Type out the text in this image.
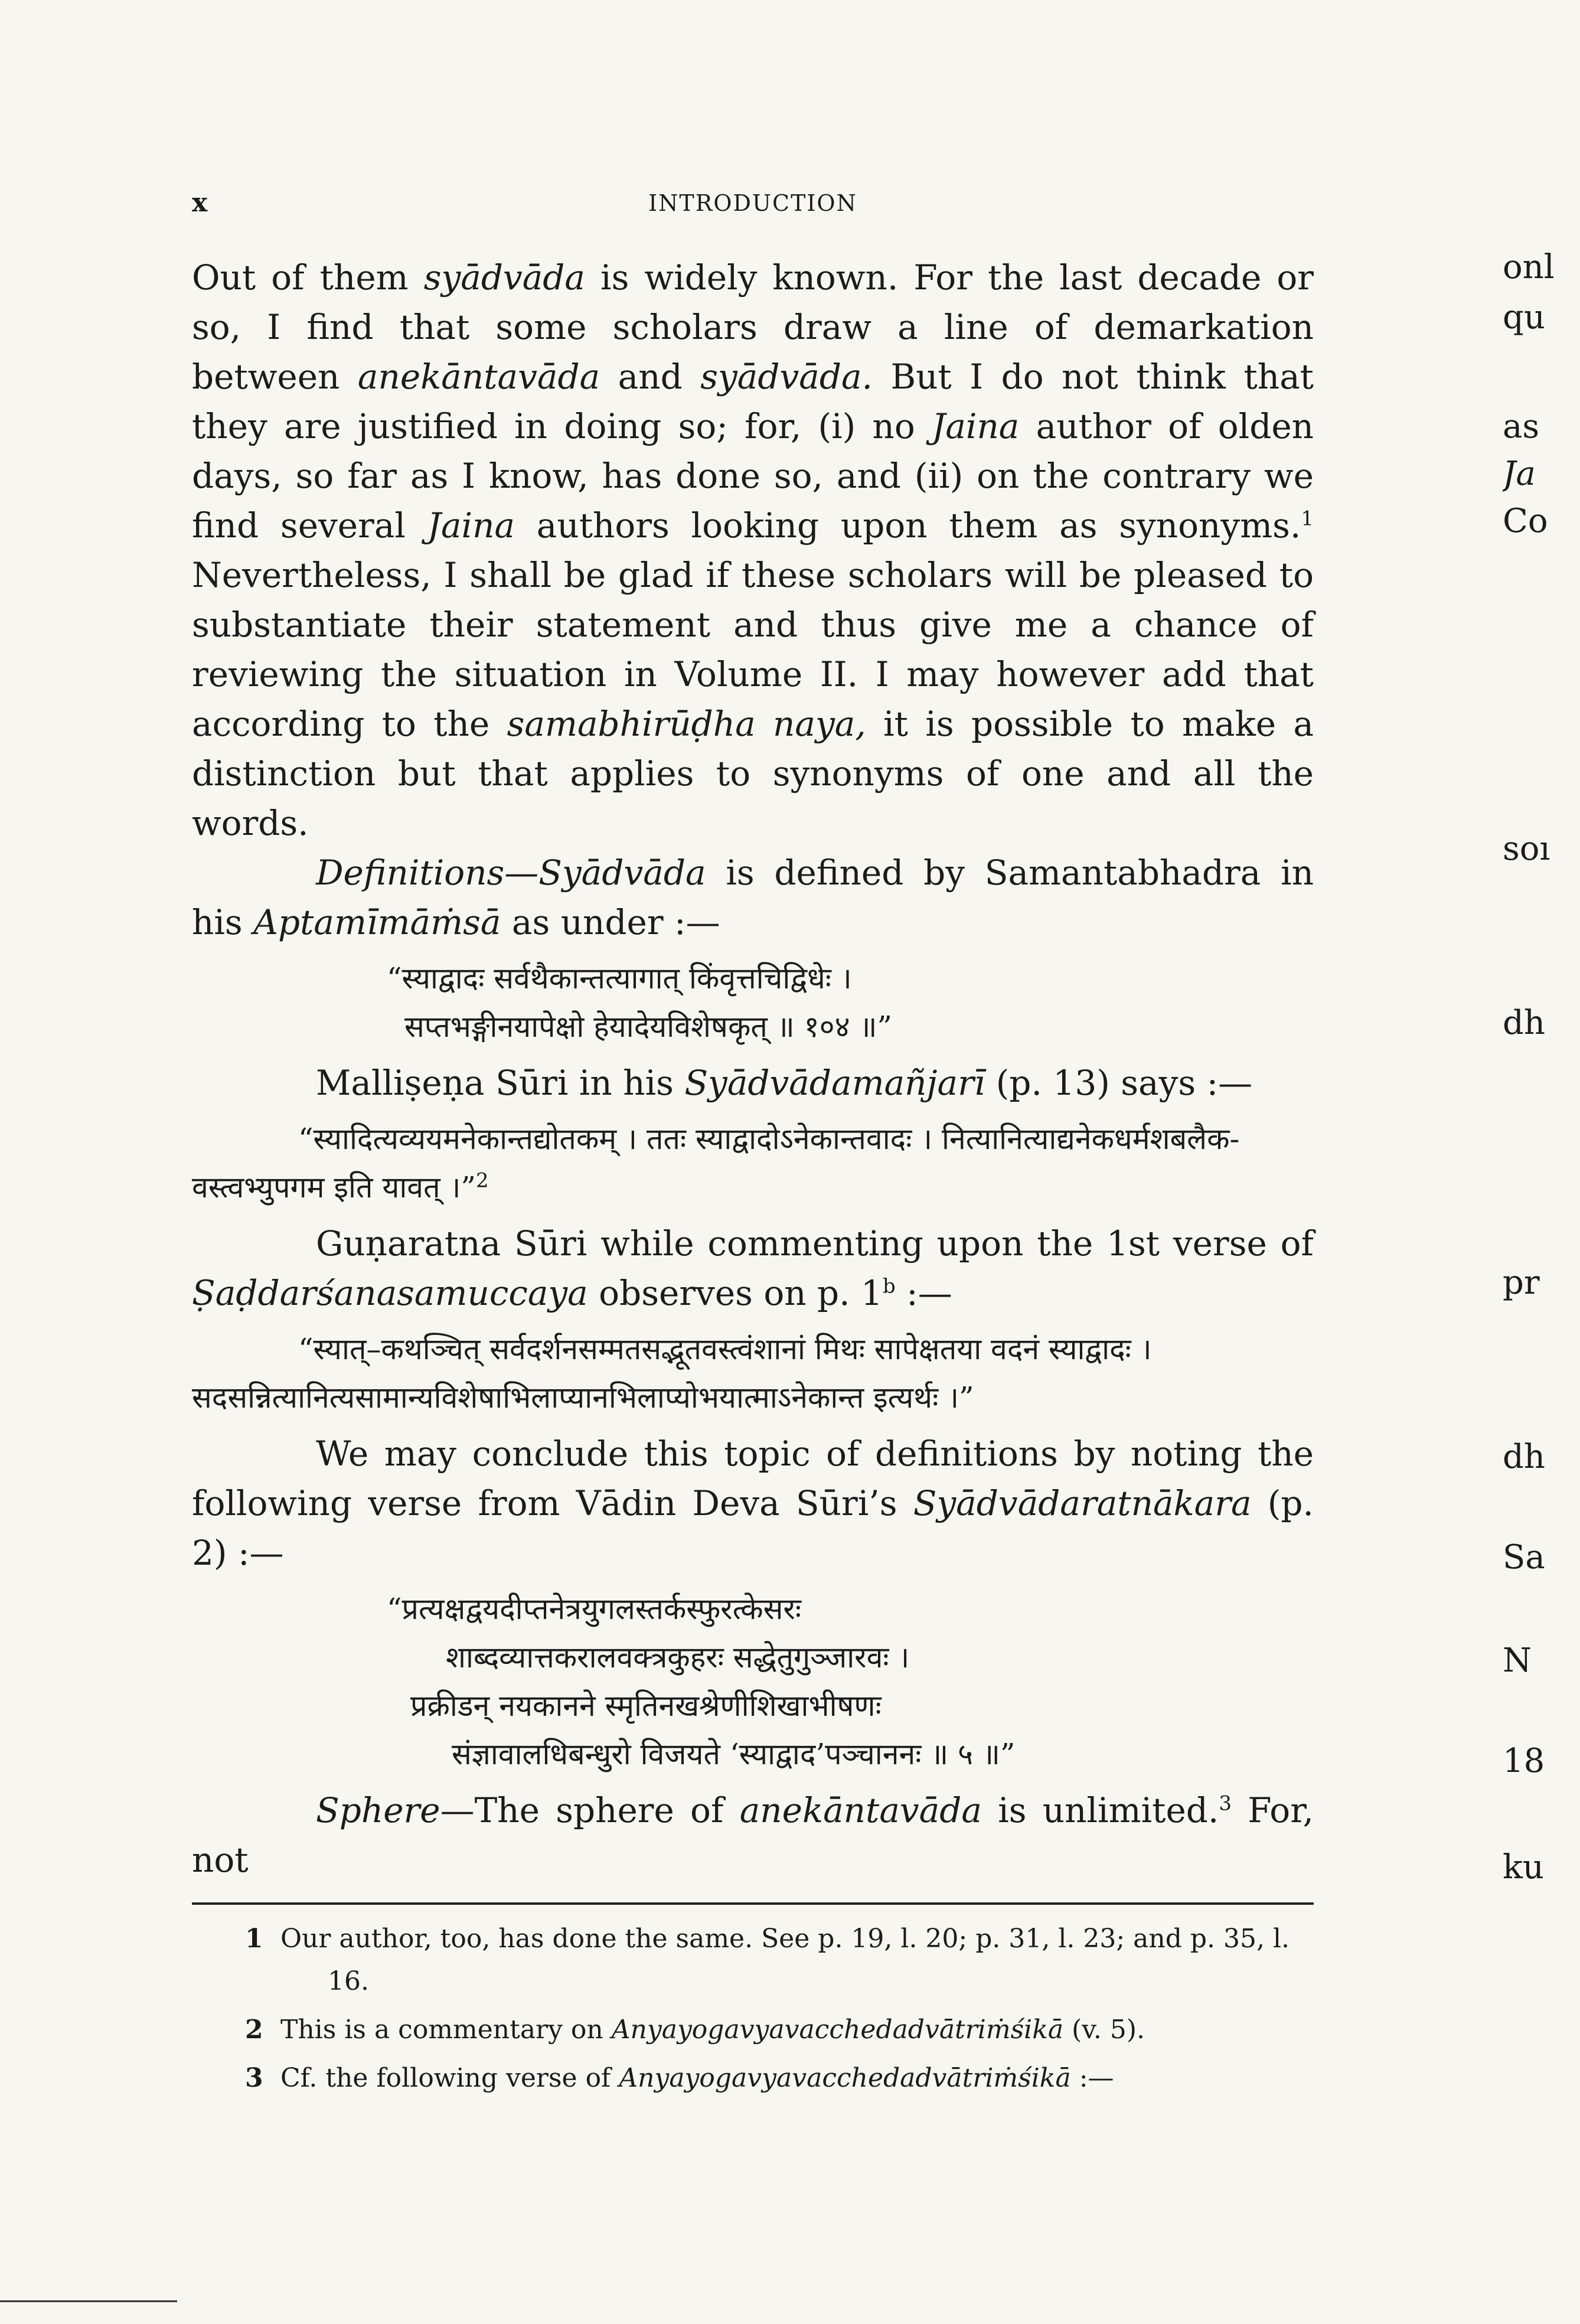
x	INTRODUCTION

Out of them syādvāda is widely known. For the last decade or so, I find that some scholars draw a line of demarkation between anekāntavāda and syādvāda. But I do not think that they are justified in doing so; for, (i) no Jaina author of olden days, so far as I know, has done so, and (ii) on the contrary we find several Jaina authors looking upon them as synonyms.$^1$ Nevertheless, I shall be glad if these scholars will be pleased to substantiate their statement and thus give me a chance of reviewing the situation in Volume II. I may however add that according to the samabhirūḍha naya, it is possible to make a distinction but that applies to synonyms of one and all the words.

Definitions—Syādvāda is defined by Samantabhadra in his Aptamīmāṁsā as under :—

“स्याद्वादः सर्वथैकान्तत्यागात् किंवृत्तचिद्विधेः ।
सप्तभङ्गीनयापेक्षो हेयादेयविशेषकृत् ॥ १०४ ॥”

Malliṣeṇa Sūri in his Syādvādamañjarī (p. 13) says :—

“स्यादित्यव्ययमनेकान्तद्योतकम् । ततः स्याद्वादोऽनेकान्तवादः । नित्यानित्याद्यनेकधर्मशबलैक-
वस्त्वभ्युपगम इति यावत् ।”$^2$

Guṇaratna Sūri while commenting upon the 1st verse of Ṣaḍdarśanasamuccaya observes on p. 1$^b$ :—

“स्यात्–कथञ्चित् सर्वदर्शनसम्मतसद्भूतवस्त्वंशानां मिथः सापेक्षतया वदनं स्याद्वादः ।
सदसन्नित्यानित्यसामान्यविशेषाभिलाप्यानभिलाप्योभयात्माऽनेकान्त इत्यर्थः ।”

We may conclude this topic of definitions by noting the following verse from Vādin Deva Sūri’s Syādvādaratnākara (p. 2) :—

“प्रत्यक्षद्वयदीप्तनेत्रयुगलस्तर्कस्फुरत्केसरः
शाब्दव्यात्तकरालवक्त्रकुहरः सद्धेतुगुञ्जारवः ।
प्रक्रीडन् नयकानने स्मृतिनखश्रेणीशिखाभीषणः
संज्ञावालधिबन्धुरो विजयते ‘स्याद्वाद’पञ्चाननः ॥ ५ ॥”

Sphere—The sphere of anekāntavāda is unlimited.$^3$ For, not

1 Our author, too, has done the same. See p. 19, l. 20; p. 31, l. 23; and p. 35, l. 16.
2 This is a commentary on Anyayogavyavacchedadvātriṁśikā (v. 5).
3 Cf. the following verse of Anyayogavyavacchedadvātriṁśikā :—
onl
qu
as
Ja
Co
soı
dh
pr
dh
Sa
N
18
ku
